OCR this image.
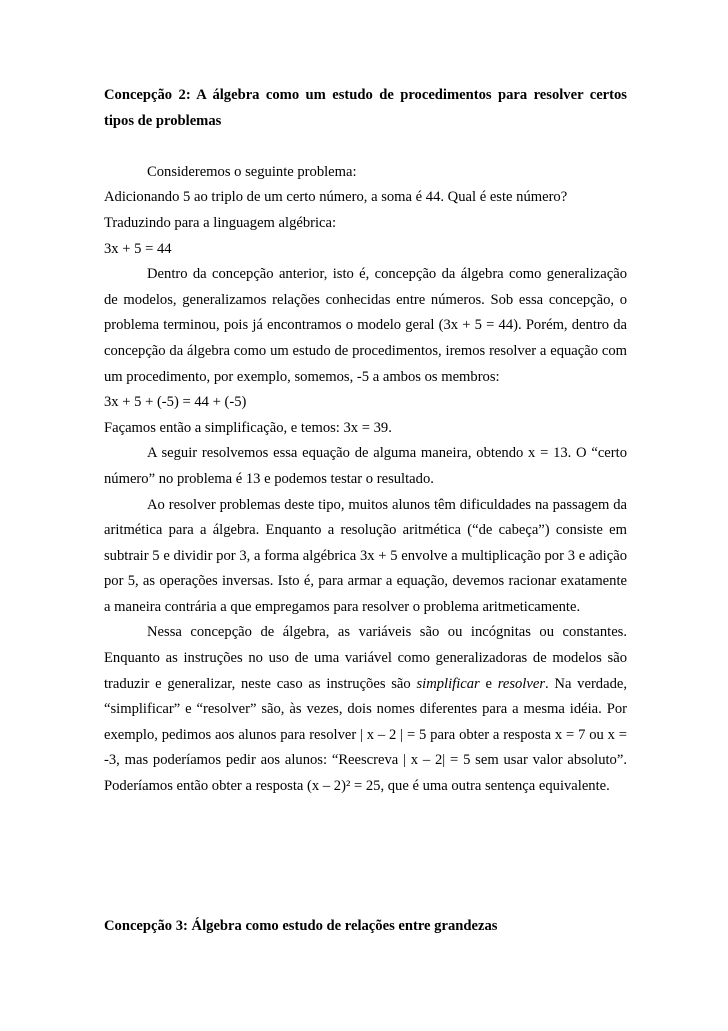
Concepção 2: A álgebra como um estudo de procedimentos para resolver certos tipos de problemas

Consideremos o seguinte problema:

Adicionando 5 ao triplo de um certo número, a soma é 44. Qual é este número?

Traduzindo para a linguagem algébrica:

3x + 5 = 44

Dentro da concepção anterior, isto é, concepção da álgebra como generalização de modelos, generalizamos relações conhecidas entre números. Sob essa concepção, o problema terminou, pois já encontramos o modelo geral (3x + 5 = 44). Porém, dentro da concepção da álgebra como um estudo de procedimentos, iremos resolver a equação com um procedimento, por exemplo, somemos, -5 a ambos os membros:

3x + 5 + (-5) = 44 + (-5)

Façamos então a simplificação, e temos: 3x = 39.

A seguir resolvemos essa equação de alguma maneira, obtendo x = 13. O “certo número” no problema é 13 e podemos testar o resultado.

Ao resolver problemas deste tipo, muitos alunos têm dificuldades na passagem da aritmética para a álgebra. Enquanto a resolução aritmética (“de cabeça”) consiste em subtrair 5 e dividir por 3, a forma algébrica 3x + 5 envolve a multiplicação por 3 e adição por 5, as operações inversas. Isto é, para armar a equação, devemos racionar exatamente a maneira contrária a que empregamos para resolver o problema aritmeticamente.

Nessa concepção de álgebra, as variáveis são ou incógnitas ou constantes. Enquanto as instruções no uso de uma variável como generalizadoras de modelos são traduzir e generalizar, neste caso as instruções são simplificar e resolver. Na verdade, “simplificar” e “resolver” são, às vezes, dois nomes diferentes para a mesma idéia. Por exemplo, pedimos aos alunos para resolver | x – 2 | = 5 para obter a resposta x = 7 ou x = -3, mas poderíamos pedir aos alunos: “Reescreva | x – 2| = 5 sem usar valor absoluto”. Poderíamos então obter a resposta (x – 2)² = 25, que é uma outra sentença equivalente.

Concepção 3: Álgebra como estudo de relações entre grandezas
